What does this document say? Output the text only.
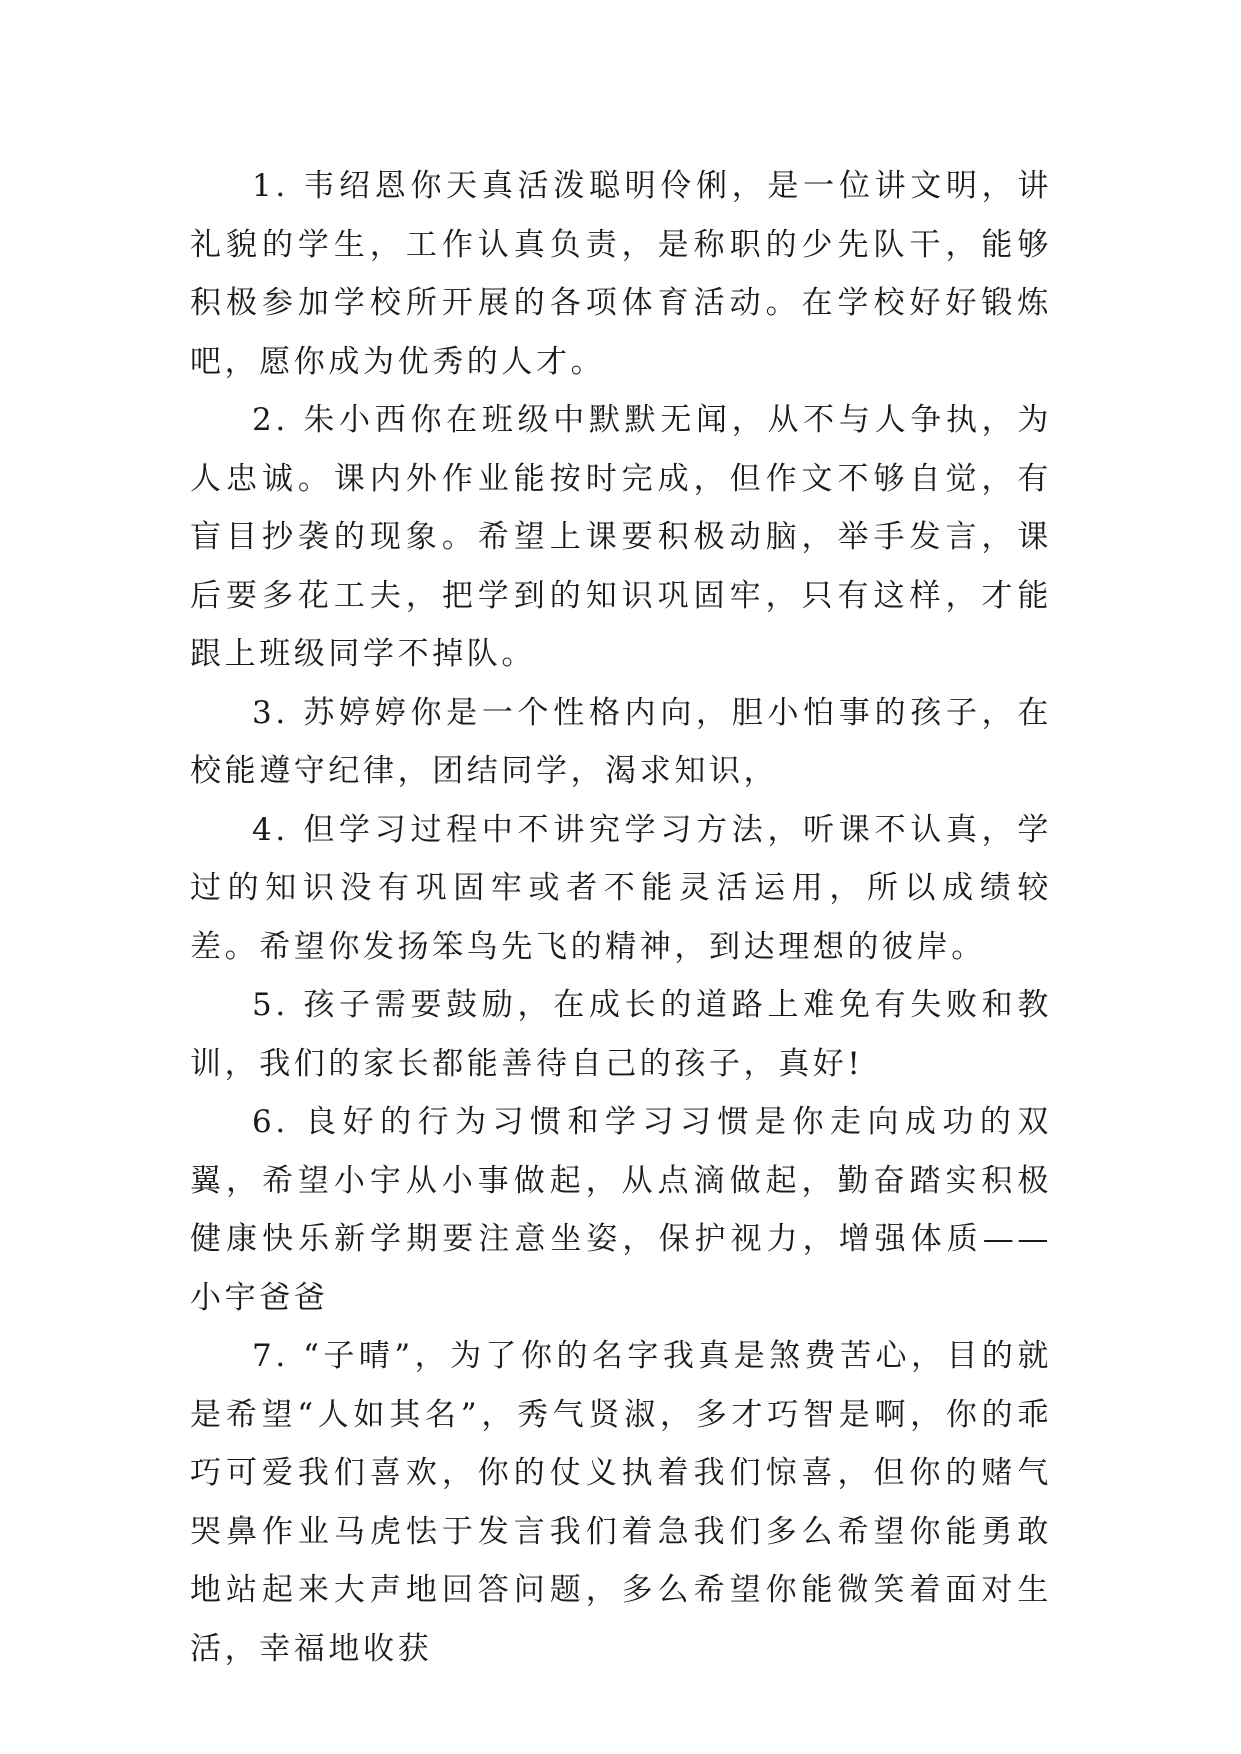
1. 韦绍恩你天真活泼聪明伶俐，是一位讲文明，讲礼貌的学生，工作认真负责，是称职的少先队干，能够积极参加学校所开展的各项体育活动。在学校好好锻炼吧，愿你成为优秀的人才。

2. 朱小西你在班级中默默无闻，从不与人争执，为人忠诚。课内外作业能按时完成，但作文不够自觉，有盲目抄袭的现象。希望上课要积极动脑，举手发言，课后要多花工夫，把学到的知识巩固牢，只有这样，才能跟上班级同学不掉队。

3. 苏婷婷你是一个性格内向，胆小怕事的孩子，在校能遵守纪律，团结同学，渴求知识，

4. 但学习过程中不讲究学习方法，听课不认真，学过的知识没有巩固牢或者不能灵活运用，所以成绩较差。希望你发扬笨鸟先飞的精神，到达理想的彼岸。

5. 孩子需要鼓励，在成长的道路上难免有失败和教训，我们的家长都能善待自己的孩子，真好!

6. 良好的行为习惯和学习习惯是你走向成功的双翼，希望小宇从小事做起，从点滴做起，勤奋踏实积极健康快乐新学期要注意坐姿，保护视力，增强体质——小宇爸爸

7. “子晴”，为了你的名字我真是煞费苦心，目的就是希望“人如其名”，秀气贤淑，多才巧智是啊，你的乖巧可爱我们喜欢，你的仗义执着我们惊喜，但你的赌气哭鼻作业马虎怯于发言我们着急我们多么希望你能勇敢地站起来大声地回答问题，多么希望你能微笑着面对生活，幸福地收获
